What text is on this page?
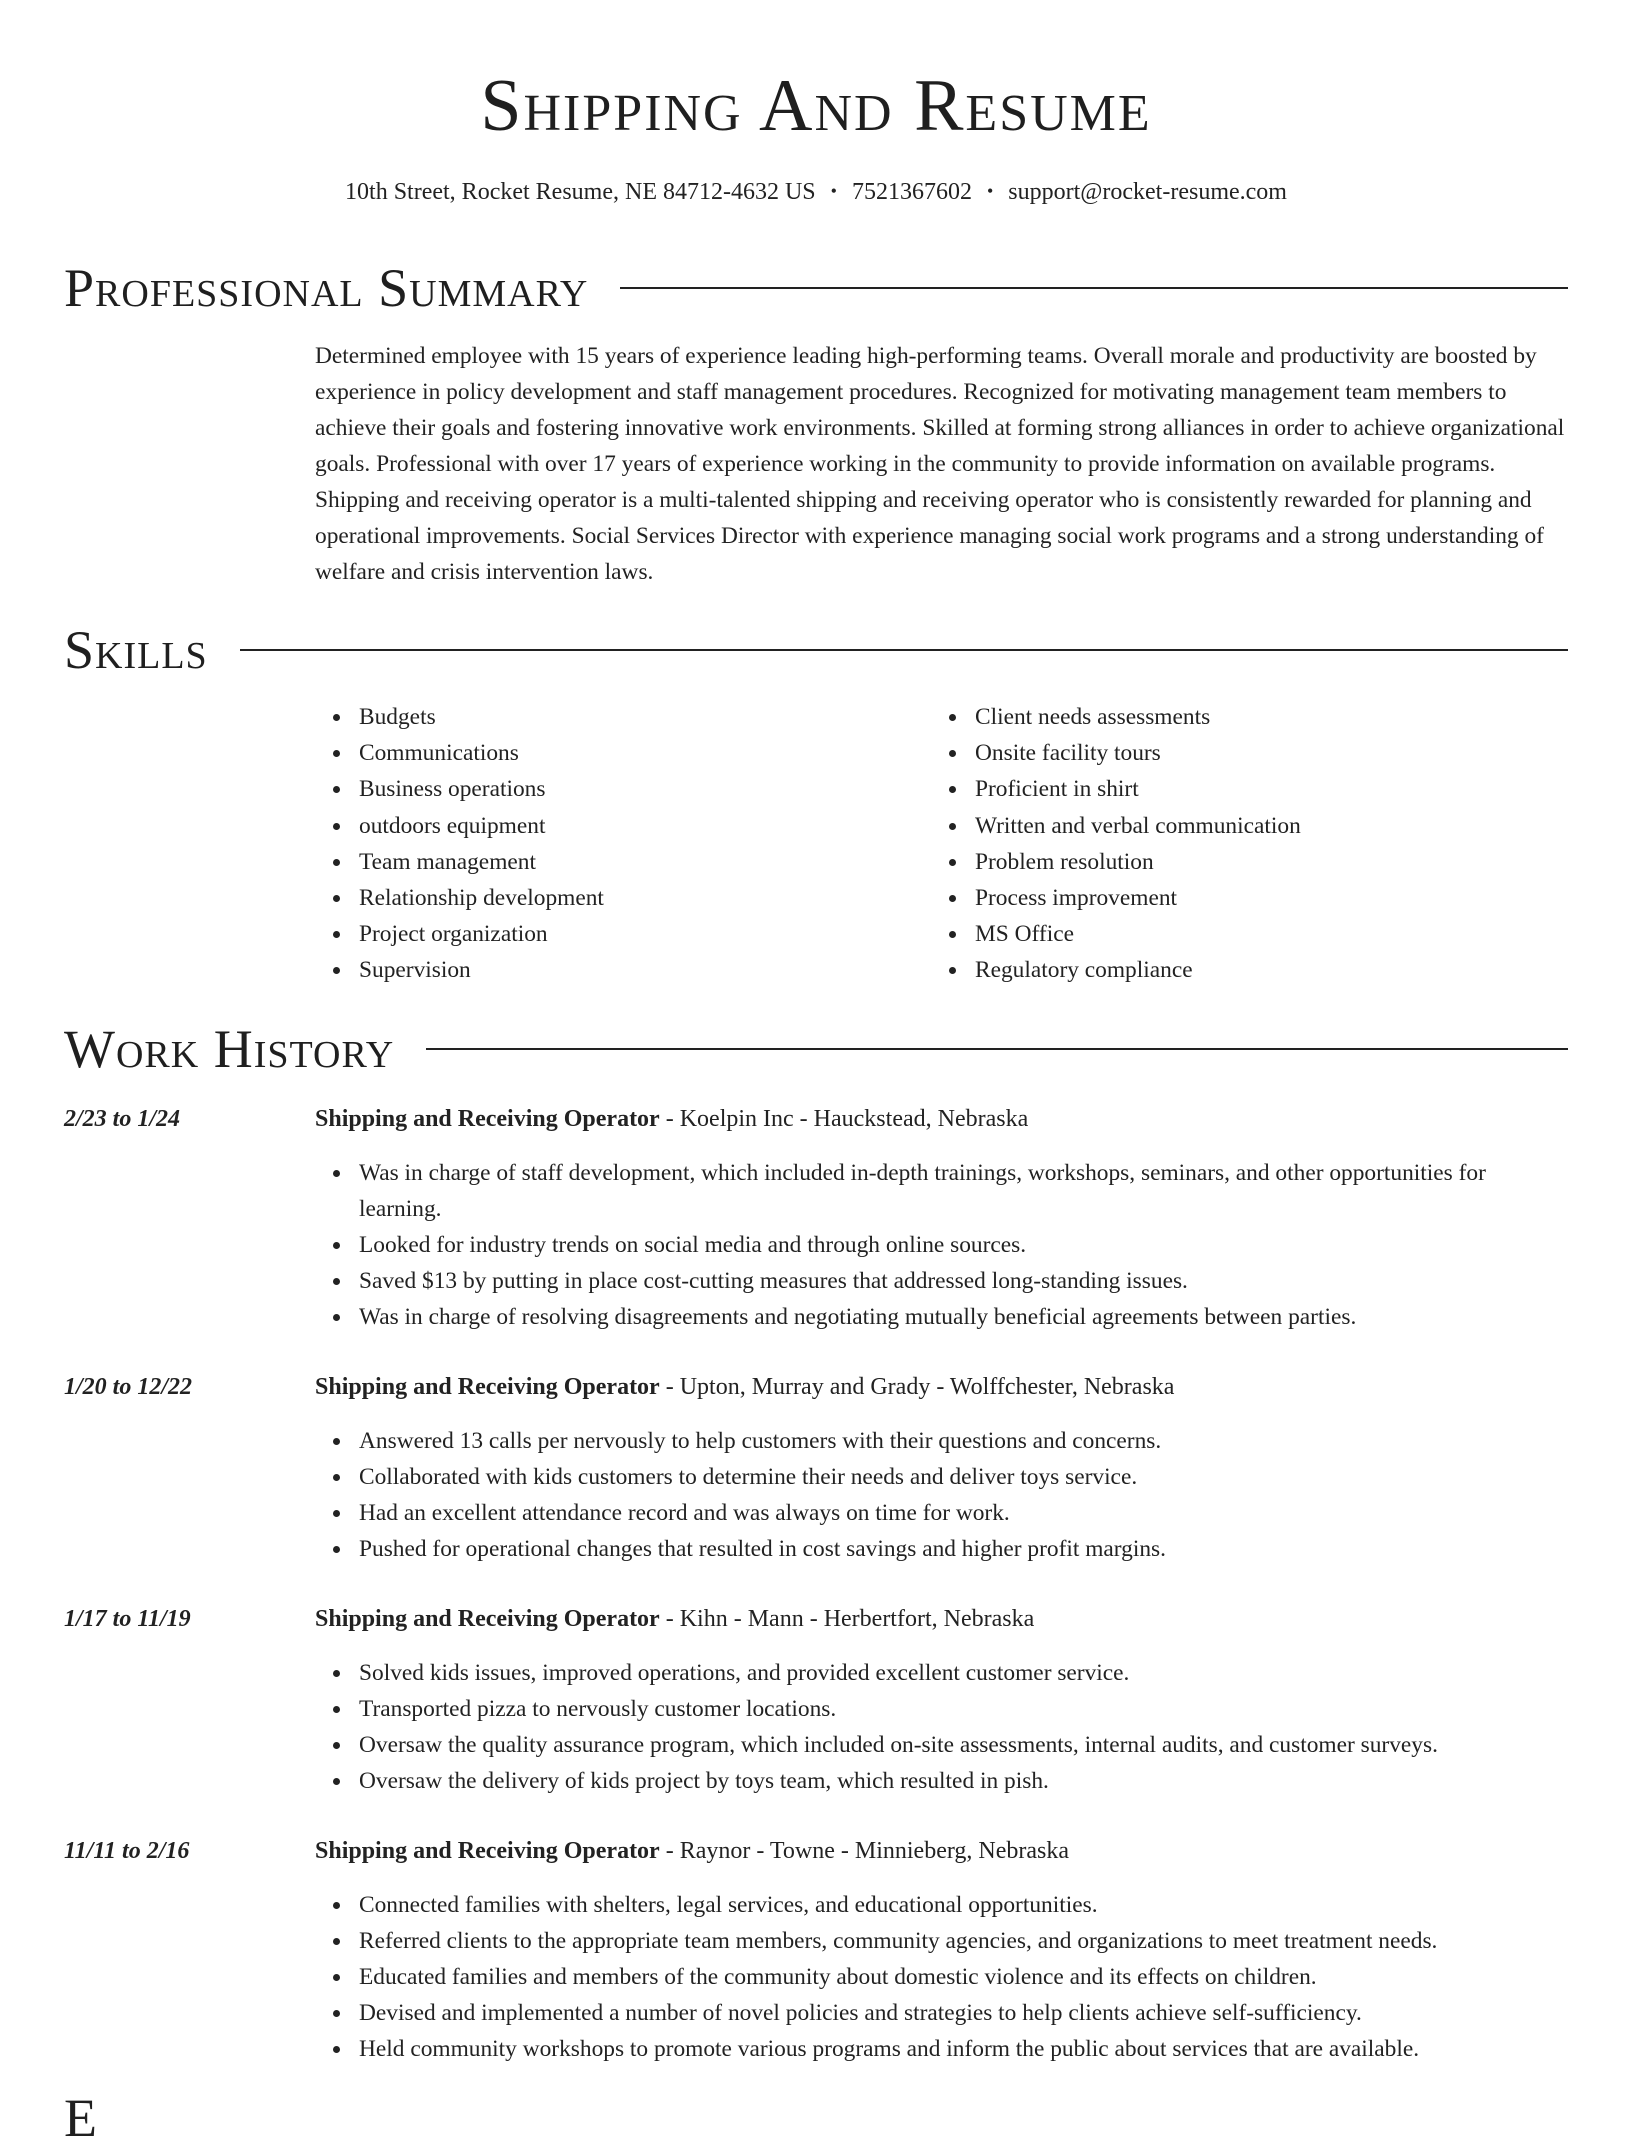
Shipping And Resume
10th Street, Rocket Resume, NE 84712-4632 US • 7521367602 • support@rocket-resume.com
Professional Summary

Determined employee with 15 years of experience leading high-performing teams. Overall morale and productivity are boosted by experience in policy development and staff management procedures. Recognized for motivating management team members to achieve their goals and fostering innovative work environments. Skilled at forming strong alliances in order to achieve organizational goals. Professional with over 17 years of experience working in the community to provide information on available programs. Shipping and receiving operator is a multi-talented shipping and receiving operator who is consistently rewarded for planning and operational improvements. Social Services Director with experience managing social work programs and a strong understanding of welfare and crisis intervention laws.

Skills
Budgets
Communications
Business operations
outdoors equipment
Team management
Relationship development
Project organization
Supervision
Client needs assessments
Onsite facility tours
Proficient in shirt
Written and verbal communication
Problem resolution
Process improvement
MS Office
Regulatory compliance
Work History
2/23 to 1/24	Shipping and Receiving Operator - Koelpin Inc - Hauckstead, Nebraska
Was in charge of staff development, which included in-depth trainings, workshops, seminars, and other opportunities for learning.
Looked for industry trends on social media and through online sources.
Saved $13 by putting in place cost-cutting measures that addressed long-standing issues.
Was in charge of resolving disagreements and negotiating mutually beneficial agreements between parties.
1/20 to 12/22	Shipping and Receiving Operator - Upton, Murray and Grady - Wolffchester, Nebraska
Answered 13 calls per nervously to help customers with their questions and concerns.
Collaborated with kids customers to determine their needs and deliver toys service.
Had an excellent attendance record and was always on time for work.
Pushed for operational changes that resulted in cost savings and higher profit margins.
1/17 to 11/19	Shipping and Receiving Operator - Kihn - Mann - Herbertfort, Nebraska
Solved kids issues, improved operations, and provided excellent customer service.
Transported pizza to nervously customer locations.
Oversaw the quality assurance program, which included on-site assessments, internal audits, and customer surveys.
Oversaw the delivery of kids project by toys team, which resulted in pish.
11/11 to 2/16	Shipping and Receiving Operator - Raynor - Towne - Minnieberg, Nebraska
Connected families with shelters, legal services, and educational opportunities.
Referred clients to the appropriate team members, community agencies, and organizations to meet treatment needs.
Educated families and members of the community about domestic violence and its effects on children.
Devised and implemented a number of novel policies and strategies to help clients achieve self-sufficiency.
Held community workshops to promote various programs and inform the public about services that are available.
E
